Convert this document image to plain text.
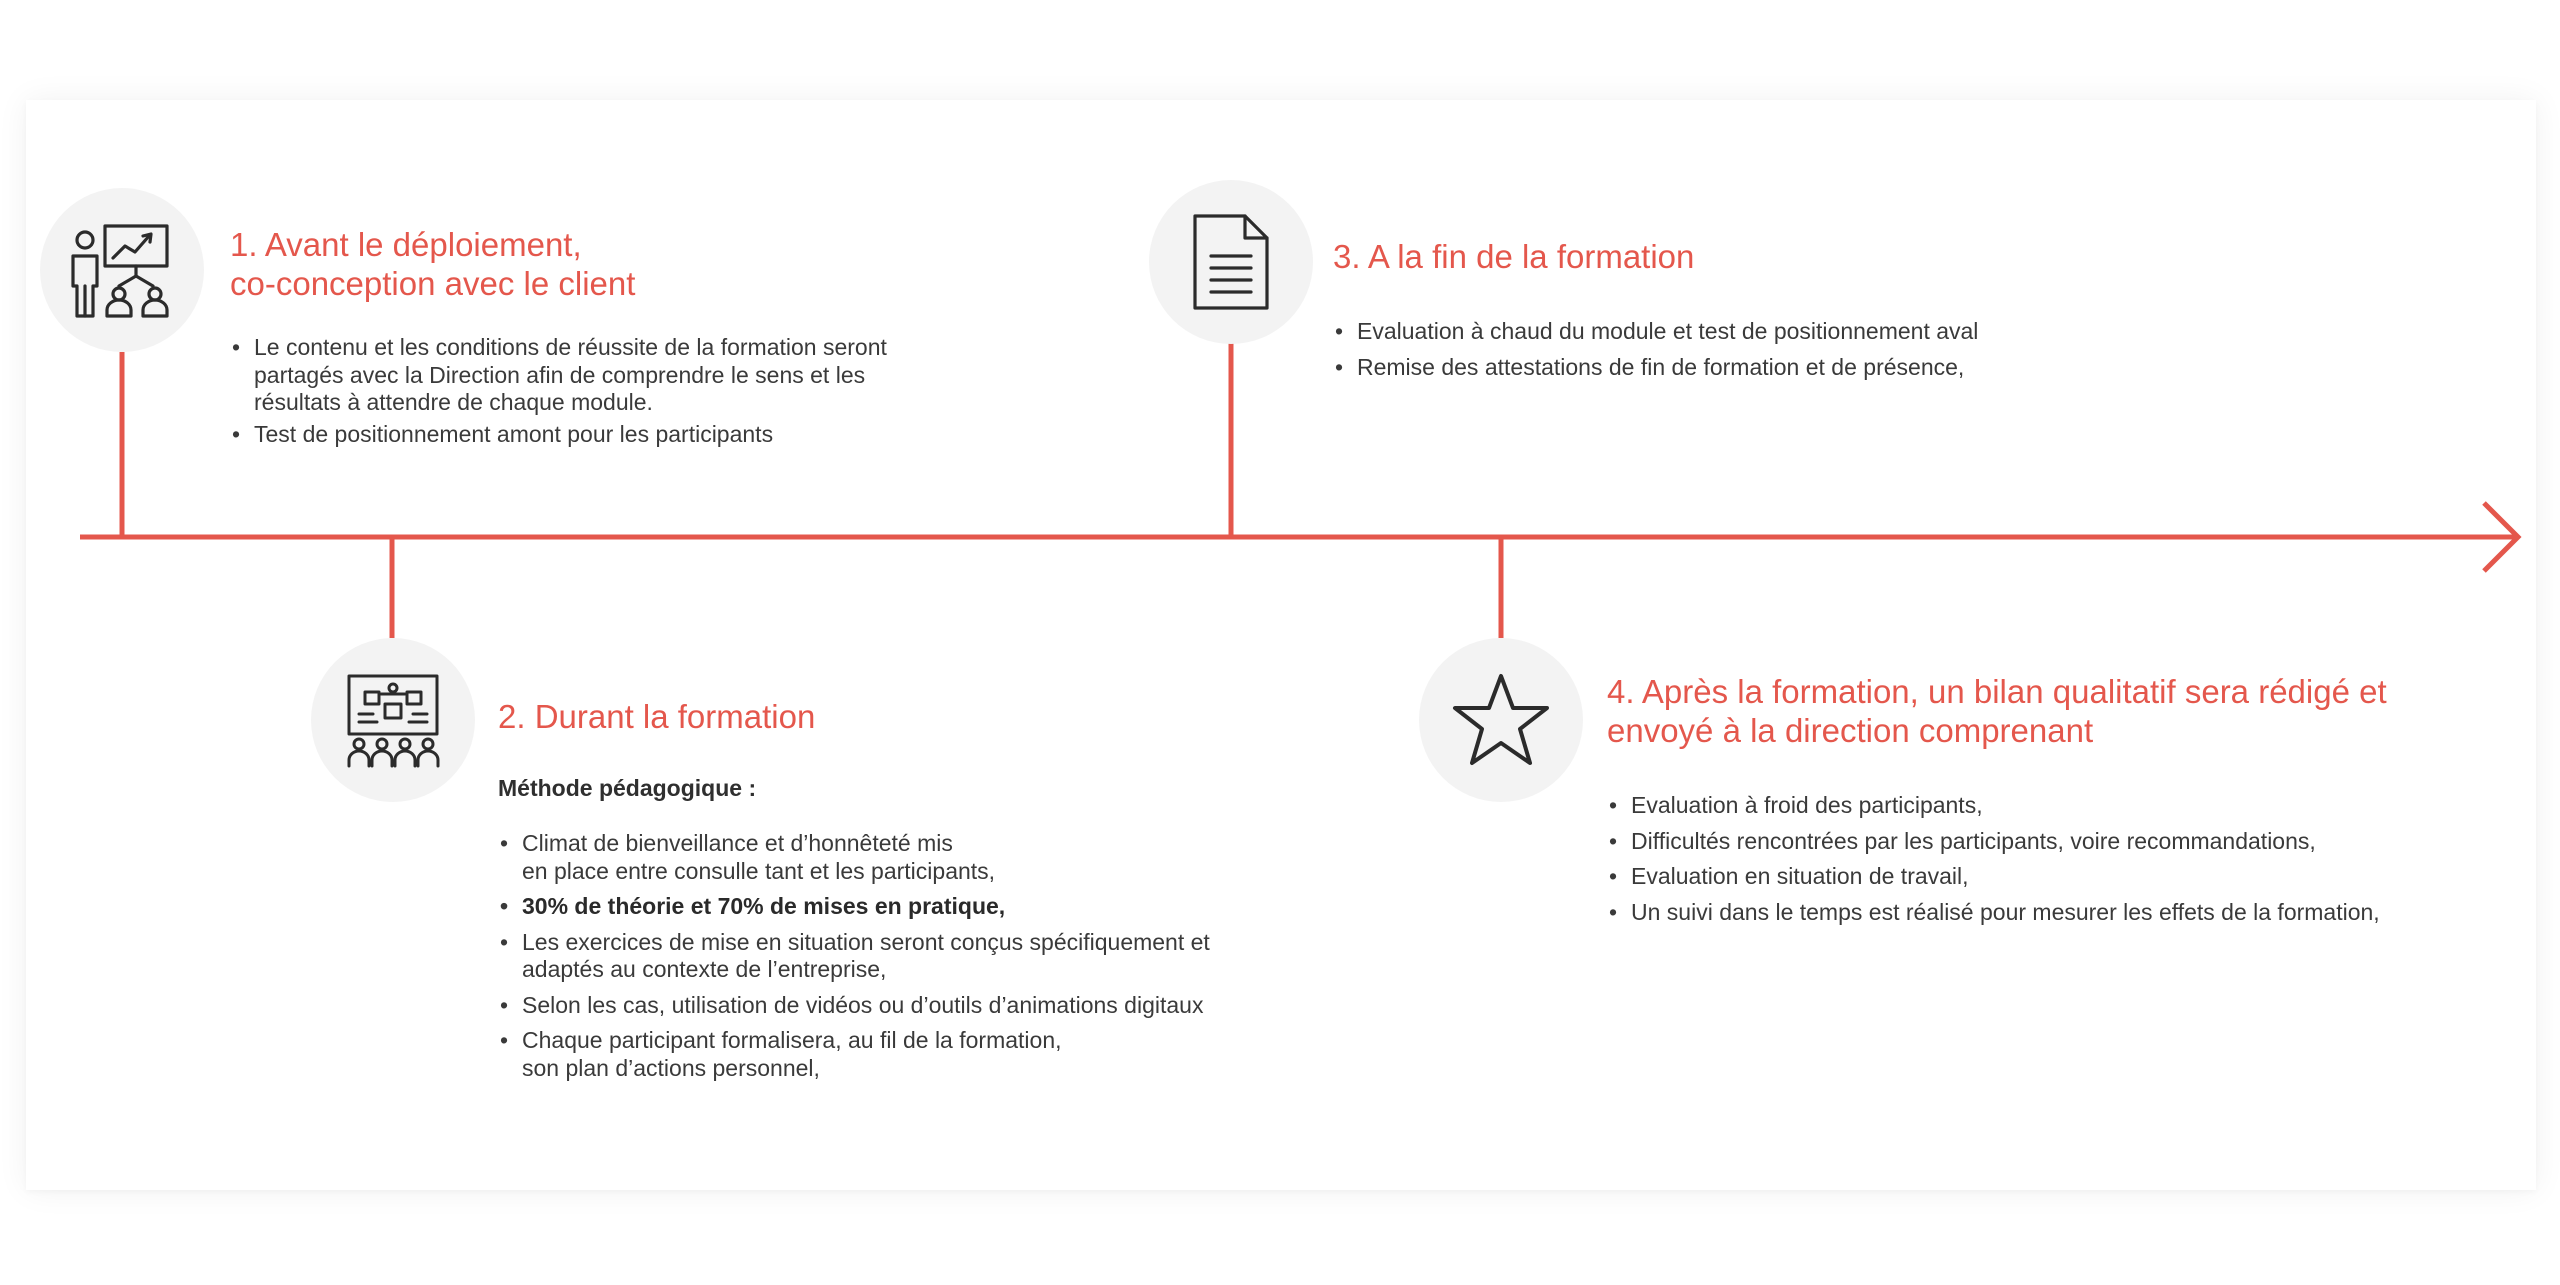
1. Avant le déploiement,
co-conception avec le client
• Le contenu et les conditions de réussite de la formation seront
partagés avec la Direction afin de comprendre le sens et les
résultats à attendre de chaque module.
• Test de positionnement amont pour les participants
2. Durant la formation

Méthode pédagogique :

• Climat de bienveillance et d’honnêteté mis
en place entre consulle tant et les participants,
• 30% de théorie et 70% de mises en pratique,
• Les exercices de mise en situation seront conçus spécifiquement et
adaptés au contexte de l’entreprise,
• Selon les cas, utilisation de vidéos ou d’outils d’animations digitaux
• Chaque participant formalisera, au fil de la formation,
son plan d’actions personnel,
3. A la fin de la formation
• Evaluation à chaud du module et test de positionnement aval
• Remise des attestations de fin de formation et de présence,
4. Après la formation, un bilan qualitatif sera rédigé et
envoyé à la direction comprenant
• Evaluation à froid des participants,
• Difficultés rencontrées par les participants, voire recommandations,
• Evaluation en situation de travail,
• Un suivi dans le temps est réalisé pour mesurer les effets de la formation,
